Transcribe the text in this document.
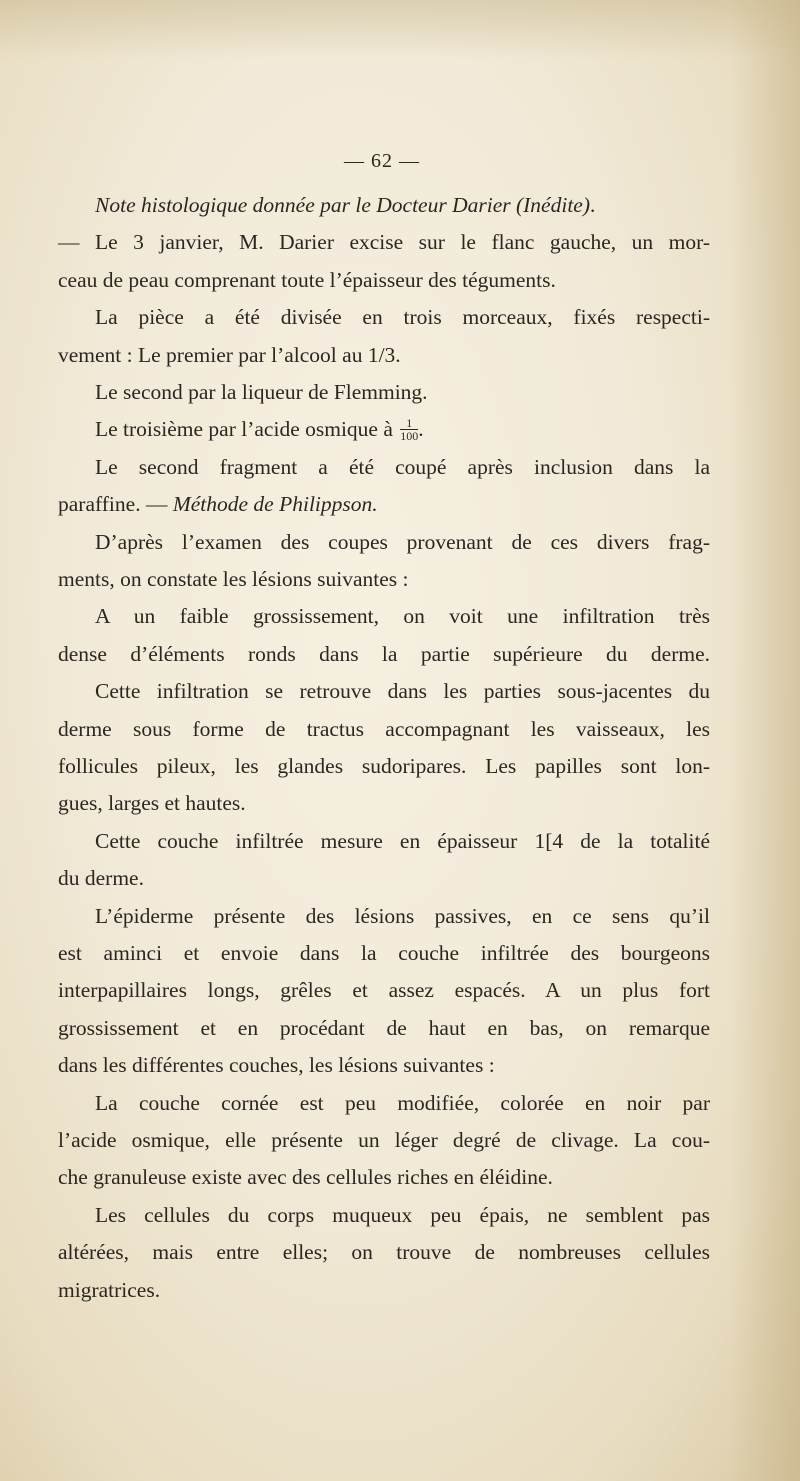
— 62 —
Note histologique donnée par le Docteur Darier (Inédite).
— Le 3 janvier, M. Darier excise sur le flanc gauche, un mor-
ceau de peau comprenant toute l’épaisseur des téguments.
La pièce a été divisée en trois morceaux, fixés respecti-
vement : Le premier par l’alcool au 1/3.
Le second par la liqueur de Flemming.
Le troisième par l’acide osmique à $\frac{1}{100}$ .
Le second fragment a été coupé après inclusion dans la
paraffine. — Méthode de Philippson.
D’après l’examen des coupes provenant de ces divers frag-
ments, on constate les lésions suivantes :
A un faible grossissement, on voit une infiltration très
dense d’éléments ronds dans la partie supérieure du derme.
Cette infiltration se retrouve dans les parties sous-jacentes du
derme sous forme de tractus accompagnant les vaisseaux, les
follicules pileux, les glandes sudoripares. Les papilles sont lon-
gues, larges et hautes.
Cette couche infiltrée mesure en épaisseur 1[4 de la totalité
du derme.
L’épiderme présente des lésions passives, en ce sens qu’il
est aminci et envoie dans la couche infiltrée des bourgeons
interpapillaires longs, grêles et assez espacés. A un plus fort
grossissement et en procédant de haut en bas, on remarque
dans les différentes couches, les lésions suivantes :
La couche cornée est peu modifiée, colorée en noir par
l’acide osmique, elle présente un léger degré de clivage. La cou-
che granuleuse existe avec des cellules riches en éléidine.
Les cellules du corps muqueux peu épais, ne semblent pas
altérées, mais entre elles; on trouve de nombreuses cellules
migratrices.
